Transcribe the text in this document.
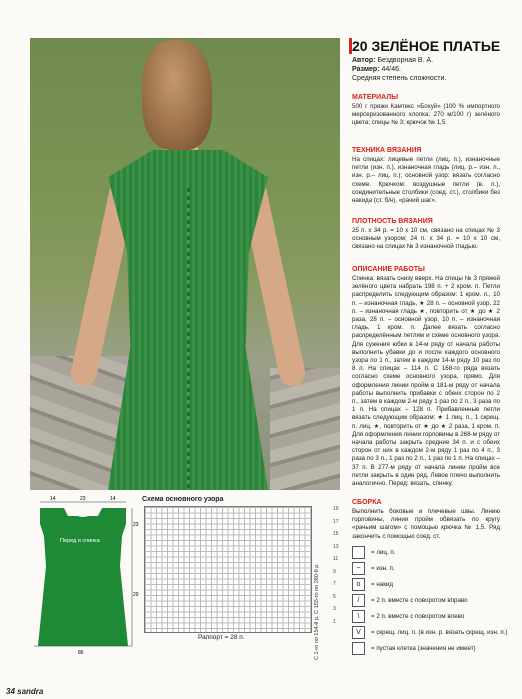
20 ЗЕЛЁНОЕ ПЛАТЬЕ
Автор: Бездворная В. А.
Размер: 44/46.
Средняя степень сложности.
МАТЕРИАЛЫ
500 г пряжи Камтекс «Бохуй» (100 % импортного мерсеризованного хлопка; 270 м/100 г) зелёного цвета; спицы № 3; крючок № 1,5.
ТЕХНИКА ВЯЗАНИЯ
На спицах: лицевые петли (лиц. п.), изнаночные петли (изн. п.), изнаночная гладь (лиц. р.– изн. п., изн. р.– лиц. п.); основной узор: вязать согласно схеме. Крючком: воздушные петли (в. п.), соединительные столбики (соед. ст.), столбики без накида (ст. б/н), «рачий шаг».
ПЛОТНОСТЬ ВЯЗАНИЯ
25 п. х 34 р. = 10 х 10 см, связано на спицах № 3 основным узором; 24 п. х 34 р. = 10 х 10 см, связано на спицах № 3 изнаночной гладью.
ОПИСАНИЕ РАБОТЫ
Спинка: вязать снизу вверх. На спицы № 3 пряжей зелёного цвета набрать 198 п. + 2 кром. п. Петли распределить следующим образом: 1 кром. п., 10 п. – изнаночная гладь, ★ 28 п. – основной узор, 22 п. – изнаночная гладь ★, повторить от ★ до ★ 2 раза, 28 п. – основной узор, 10 п. – изнаночная гладь, 1 кром. п. Далее вязать согласно распределённым петлям и схеме основного узора. Для сужения юбки в 14-м ряду от начала работы выполнить убавки до и после каждого основного узора по 1 п., затем в каждом 14-м ряду 10 раз по 8 п. На спицах – 114 п. С 168-го ряда вязать согласно схеме основного узора, прямо. Для оформления линии пройм в 181-м ряду от начала работы выполнить прибавки с обеих сторон по 2 п., затем в каждом 2-м ряду 1 раз по 2 п., 3 раза по 1 п. На спицах – 128 п. Прибавленные петли вязать следующим образом: ★ 1 лиц. п., 1 скрещ. п. лиц. ★, повторить от ★ до ★ 2 раза, 1 кром. п. Для оформления линии горловины в 268-м ряду от начала работы закрыть средние 34 п. и с обеих сторон от них в каждом 2-м ряду 1 раз по 4 п., 3 раза по 3 п., 1 раз по 2 п., 1 раз по 1 п. На спицах – 37 п. В 277-м ряду от начала линии пройм все петли закрыть в один ряд. Левое плечо выполнить аналогично. Перед: вязать, спинку.
СБОРКА
Выполнить боковые и плечевые швы. Линию горловины, линии пройм обвязать по кругу «рачьим шагом» с помощью крючка № 1,5. Ряд закончить с помощью соед. ст.
14	23	14
23
29
86
Перед и спинка
Схема основного узора
19
17
15
13
11
9
7
5
3
1
С 1-го по 154-й р. С 155-го по 280-й р.
Раппорт = 28 п.
= лиц. п.
−	= изн. п.
o	= накид
/	= 2 п. вместе с поворотом вправо
\	= 2 п. вместе с поворотом влево
V	= скрещ. лиц. п. (в изн. р. вязать скрещ. изн. п.)
= пустая клетка (значения не имеет)
34 sandra
